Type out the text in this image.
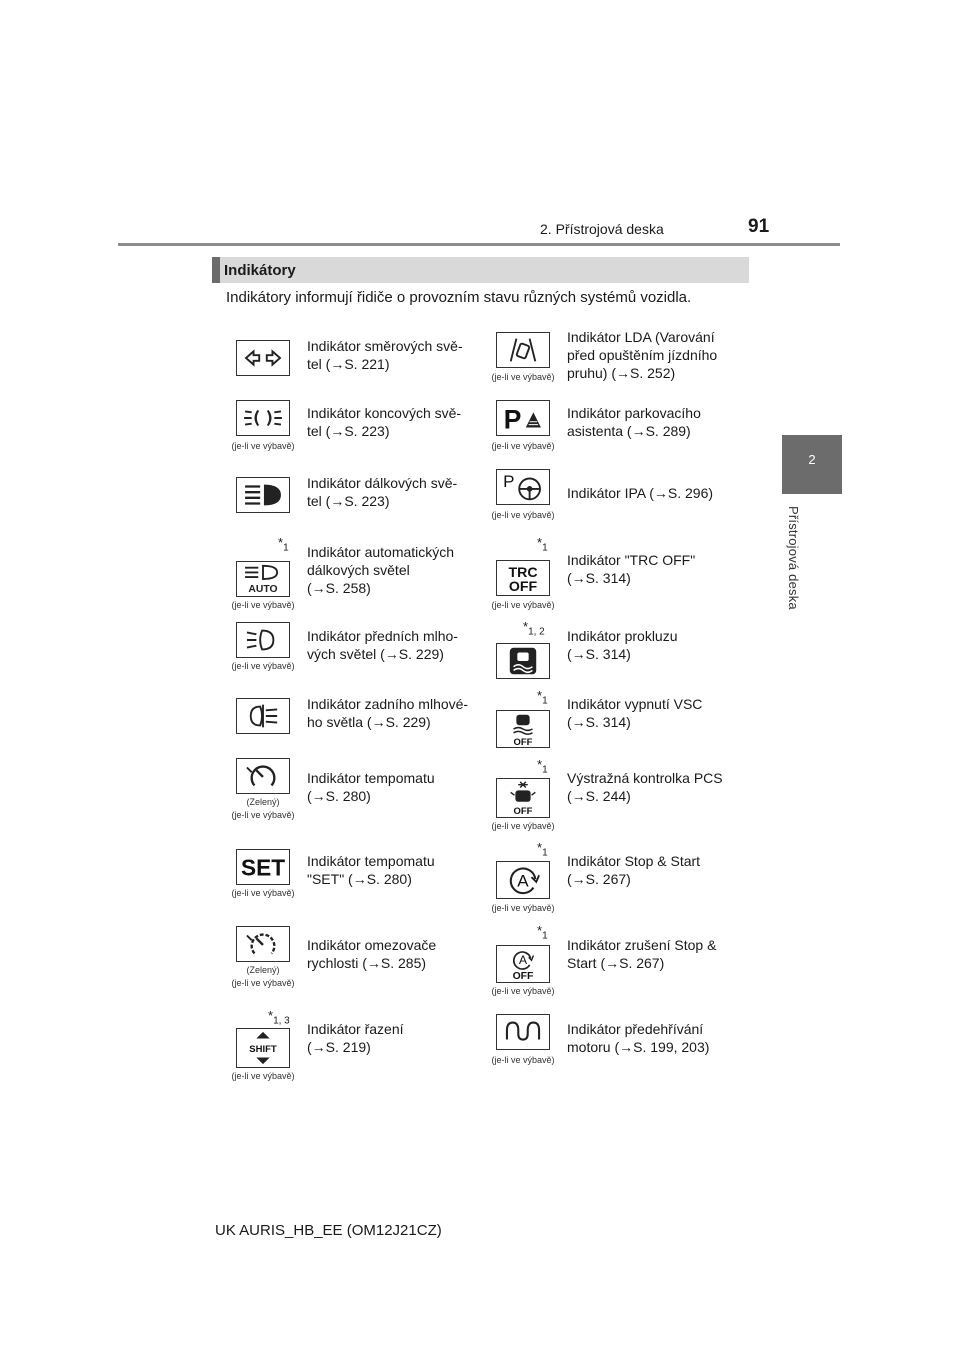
2. Přístrojová deska	91
2
Přístrojová deska
Indikátory
Indikátory informují řidiče o provozním stavu různých systémů vozidla.
Indikátor směrových svě-
tel (→S. 221)
(je-li ve výbavě)
Indikátor koncových svě-
tel (→S. 223)
Indikátor dálkových svě-
tel (→S. 223)
$*_1$
AUTO
(je-li ve výbavě)
Indikátor automatických
dálkových světel
(→S. 258)
(je-li ve výbavě)
Indikátor předních mlho-
vých světel (→S. 229)
Indikátor zadního mlhové-
ho světla (→S. 229)
(Zelený)
(je-li ve výbavě)
Indikátor tempomatu
(→S. 280)
SET
(je-li ve výbavě)
Indikátor tempomatu
"SET" (→S. 280)
(Zelený)
(je-li ve výbavě)
Indikátor omezovače
rychlosti (→S. 285)
$*_{1, 3}$
SHIFT
(je-li ve výbavě)
Indikátor řazení
(→S. 219)
(je-li ve výbavě)
Indikátor LDA (Varování
před opuštěním jízdního
pruhu) (→S. 252)
P
(je-li ve výbavě)
Indikátor parkovacího
asistenta (→S. 289)
P
(je-li ve výbavě)
Indikátor IPA (→S. 296)
$*_1$
TRC
OFF
(je-li ve výbavě)
Indikátor "TRC OFF"
(→S. 314)
$*_{1, 2}$ Indikátor prokluzu
(→S. 314)
$*_1$
OFF
Indikátor vypnutí VSC
(→S. 314)
$*_1$
OFF
(je-li ve výbavě)
Výstražná kontrolka PCS
(→S. 244)
$*_1$
A
(je-li ve výbavě)
Indikátor Stop & Start
(→S. 267)
$*_1$
A
OFF
(je-li ve výbavě)
Indikátor zrušení Stop &
Start (→S. 267)
(je-li ve výbavě)
Indikátor předehřívání
motoru (→S. 199, 203)
UK AURIS_HB_EE (OM12J21CZ)
